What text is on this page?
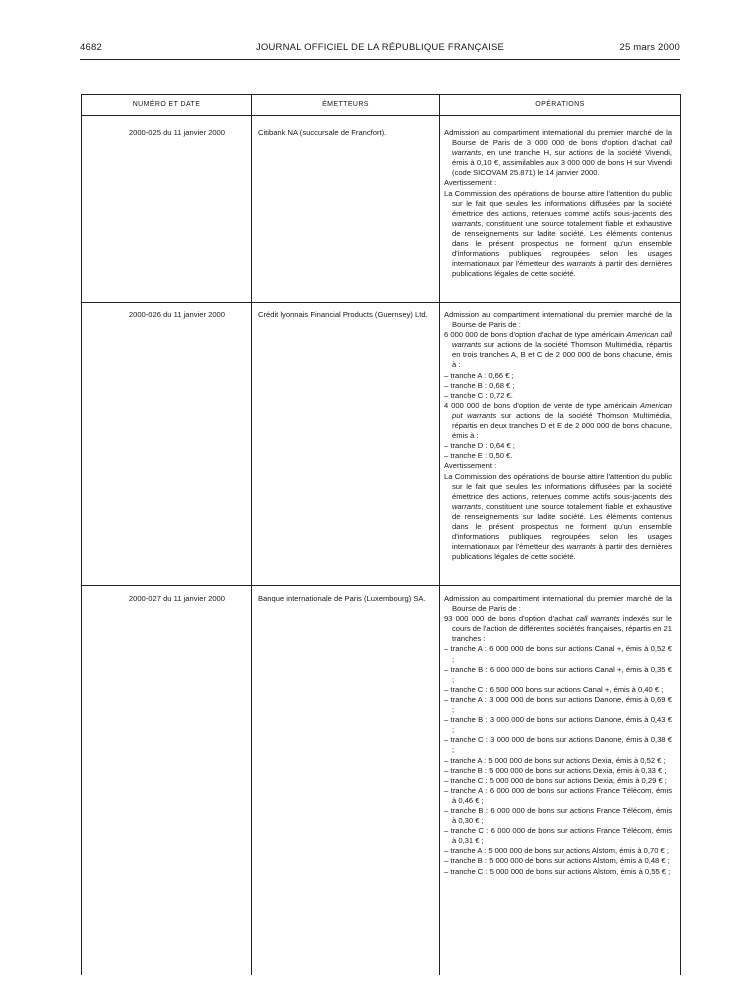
4682	JOURNAL OFFICIEL DE LA RÉPUBLIQUE FRANÇAISE	25 mars 2000
NUMÉRO ET DATE	ÉMETTEURS	OPÉRATIONS
2000-025 du 11 janvier 2000	Citibank NA (succursale de Francfort).	Admission au compartiment international du premier marché de la Bourse de Paris de 3 000 000 de bons d'option d'achat call warrants, en une tranche H, sur actions de la société Vivendi, émis à 0,10 €, assimilables aux 3 000 000 de bons H sur Vivendi (code SICOVAM 25.871) le 14 janvier 2000.

Avertissement :

La Commission des opérations de bourse attire l'attention du public sur le fait que seules les informations diffusées par la société émettrice des actions, retenues comme actifs sous-jacents des warrants, constituent une source totalement fiable et exhaustive de renseignements sur ladite société. Les éléments contenus dans le présent prospectus ne forment qu'un ensemble d'informations publiques regroupées selon les usages internationaux par l'émetteur des warrants à partir des dernières publications légales de cette société.

2000-026 du 11 janvier 2000	Crédit lyonnais Financial Products (Guernsey) Ltd.	Admission au compartiment international du premier marché de la Bourse de Paris de :

6 000 000 de bons d'option d'achat de type américain American call warrants sur actions de la société Thomson Multimédia, répartis en trois tranches A, B et C de 2 000 000 de bons chacune, émis à :

– tranche A : 0,66 € ;

– tranche B : 0,68 € ;

– tranche C : 0,72 €.

4 000 000 de bons d'option de vente de type américain American put warrants sur actions de la société Thomson Multimédia, répartis en deux tranches D et E de 2 000 000 de bons chacune, émis à :

– tranche D : 0,64 € ;

– tranche E : 0,50 €.

Avertissement :

La Commission des opérations de bourse attire l'attention du public sur le fait que seules les informations diffusées par la société émettrice des actions, retenues comme actifs sous-jacents des warrants, constituent une source totalement fiable et exhaustive de renseignements sur ladite société. Les éléments contenus dans le présent prospectus ne forment qu'un ensemble d'informations publiques regroupées selon les usages internationaux par l'émetteur des warrants à partir des dernières publications légales de cette société.

2000-027 du 11 janvier 2000	Banque internationale de Paris (Luxembourg) SA.	Admission au compartiment international du premier marché de la Bourse de Paris de :

93 000 000 de bons d'option d'achat call warrants indexés sur le cours de l'action de différentes sociétés françaises, répartis en 21 tranches :

– tranche A : 6 000 000 de bons sur actions Canal +, émis à 0,52 € ;

– tranche B : 6 000 000 de bons sur actions Canal +, émis à 0,35 € ;

– tranche C : 6 500 000 bons sur actions Canal +, émis à 0,40 € ;

– tranche A : 3 000 000 de bons sur actions Danone, émis à 0,69 € ;

– tranche B : 3 000 000 de bons sur actions Danone, émis à 0,43 € ;

– tranche C : 3 000 000 de bons sur actions Danone, émis à 0,38 € ;

– tranche A : 5 000 000 de bons sur actions Dexia, émis à 0,52 € ;

– tranche B : 5 000 000 de bons sur actions Dexia, émis à 0,33 € ;

– tranche C : 5 000 000 de bons sur actions Dexia, émis à 0,29 € ;

– tranche A : 6 000 000 de bons sur actions France Télécom, émis à 0,46 € ;

– tranche B : 6 000 000 de bons sur actions France Télécom, émis à 0,30 € ;

– tranche C : 6 000 000 de bons sur actions France Télécom, émis à 0,31 € ;

– tranche A : 5 000 000 de bons sur actions Alstom, émis à 0,70 € ;

– tranche B : 5 000 000 de bons sur actions Alstom, émis à 0,48 € ;

– tranche C : 5 000 000 de bons sur actions Alstom, émis à 0,55 € ;
